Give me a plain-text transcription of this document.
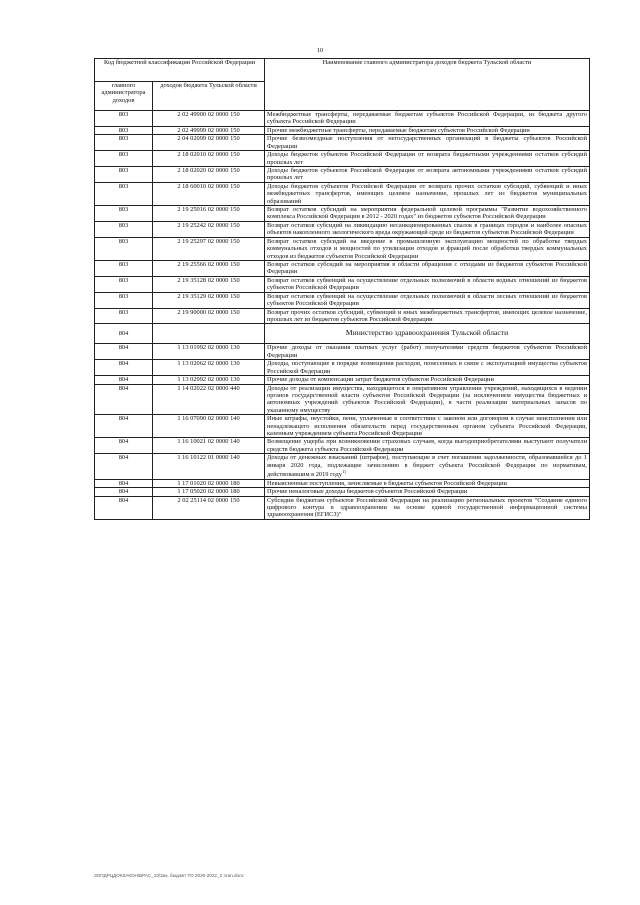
10
Код бюджетной классификации Российской Федерации		Наименование главного администратора доходов бюджета Тульской области
главного администратора доходов	доходов бюджета Тульской области	
803	2 02 49900 02 0000 150	Межбюджетные трансферты, передаваемые бюджетам субъектов Российской Федерации, из бюджета другого субъекта Российской Федерации
803	2 02 49999 02 0000 150	Прочие межбюджетные трансферты, передаваемые бюджетам субъектов Российской Федерации
803	2 04 02099 02 0000 150	Прочие безвозмездные поступления от негосударственных организаций в бюджеты субъектов Российской Федерации
803	2 18 02010 02 0000 150	Доходы бюджетов субъектов Российской Федерации от возврата бюджетными учреждениями остатков субсидий прошлых лет
803	2 18 02020 02 0000 150	Доходы бюджетов субъектов Российской Федерации от возврата автономными учреждениями остатков субсидий прошлых лет
803	2 18 60010 02 0000 150	Доходы бюджетов субъектов Российской Федерации от возврата прочих остатков субсидий, субвенций и иных межбюджетных трансфертов, имеющих целевое назначение, прошлых лет из бюджетов муниципальных образований
803	2 19 25016 02 0000 150	Возврат остатков субсидий на мероприятия федеральной целевой программы "Развитие водохозяйственного комплекса Российской Федерации в 2012 - 2020 годах" из бюджетов субъектов Российской Федерации
803	2 19 25242 02 0000 150	Возврат остатков субсидий на ликвидацию несанкционированных свалок в границах городов и наиболее опасных объектов накопленного экологического вреда окружающей среде из бюджетов субъектов Российской Федерации
803	2 19 25297 02 0000 150	Возврат остатков субсидий на введение в промышленную эксплуатацию мощностей по обработке твердых коммунальных отходов и мощностей по утилизации отходов и фракций после обработки твердых коммунальных отходов из бюджетов субъектов Российской Федерации
803	2 19 25566 02 0000 150	Возврат остатков субсидий на мероприятия в области обращения с отходами из бюджетов субъектов Российской Федерации
803	2 19 35128 02 0000 150	Возврат остатков субвенций на осуществление отдельных полномочий в области водных отношений из бюджетов субъектов Российской Федерации
803	2 19 35129 02 0000 150	Возврат остатков субвенций на осуществление отдельных полномочий в области лесных отношений из бюджетов субъектов Российской Федерации
803	2 19 90000 02 0000 150	Возврат прочих остатков субсидий, субвенций и иных межбюджетных трансфертов, имеющих целевое назначение, прошлых лет из бюджетов субъектов Российской Федерации
804		Министерство здравоохранения Тульской области
804	1 13 01992 02 0000 130	Прочие доходы от оказания платных услуг (работ) получателями средств бюджетов субъектов Российской Федерации
804	1 13 02062 02 0000 130	Доходы, поступающие в порядке возмещения расходов, понесенных в связи с эксплуатацией имущества субъектов Российской Федерации
804	1 13 02992 02 0000 130	Прочие доходы от компенсации затрат бюджетов субъектов Российской Федерации
804	1 14 02022 02 0000 440	Доходы от реализации имущества, находящегося в оперативном управлении учреждений, находящихся в ведении органов государственной власти субъектов Российской Федерации (за исключением имущества бюджетных и автономных учреждений субъектов Российской Федерации), в части реализации материальных запасов по указанному имуществу
804	1 16 07090 02 0000 140	Иные штрафы, неустойки, пени, уплаченные в соответствии с законом или договором в случае неисполнения или ненадлежащего исполнения обязательств перед государственным органом субъекта Российской Федерации, казенным учреждением субъекта Российской Федерации
804	1 16 10021 02 0000 140	Возмещение ущерба при возникновении страховых случаев, когда выгодоприобретателями выступают получатели средств бюджета субъекта Российской Федерации
804	1 16 10122 01 0000 140	Доходы от денежных взысканий (штрафов), поступающие в счет погашения задолженности, образовавшейся до 1 января 2020 года, подлежащие зачислению в бюджет субъекта Российской Федерации по нормативам, действовавшим в 2019 году$^{1)}$
804	1 17 01020 02 0000 180	Невыясненные поступления, зачисляемые в бюджеты субъектов Российской Федерации
804	1 17 05020 02 0000 180	Прочие неналоговые доходы бюджетов субъектов Российской Федерации
804	2 02 25114 02 0000 150	Субсидии бюджетам субъектов Российской Федерации на реализацию региональных проектов "Создание единого цифрового контура в здравоохранении на основе единой государственной информационной системы здравоохранения (ЕГИСЗ)"
ЗОПДРЦДОКЗАКОН\ВРАС_10\Зак. бюджет ТО 2020-2022_2 этап.docx
